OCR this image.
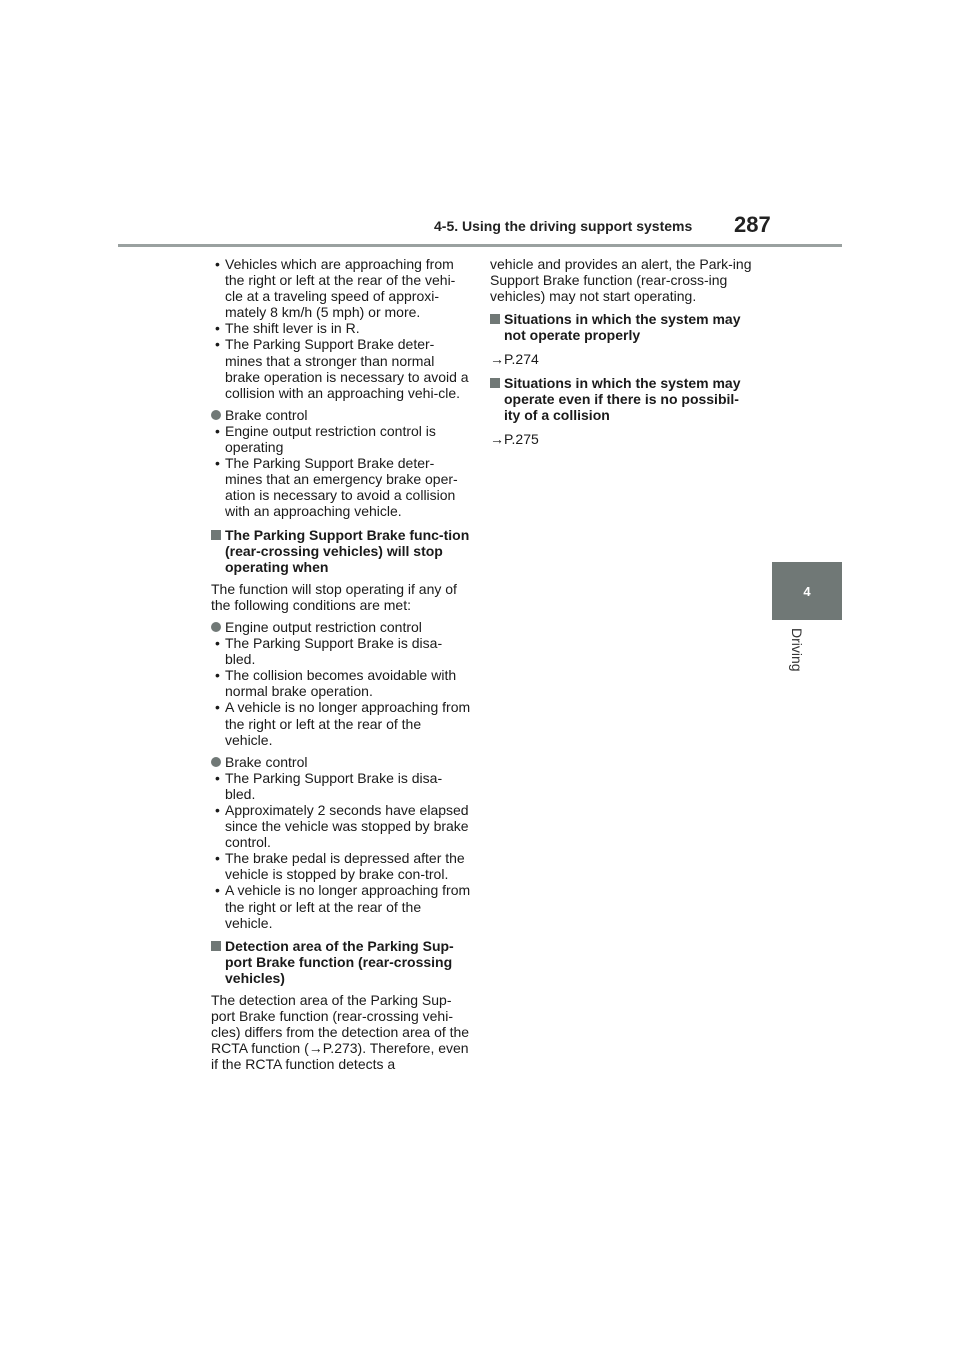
4-5. Using the driving support systems 287
4
Driving
• Vehicles which are approaching from the right or left at the rear of the vehi-cle at a traveling speed of approxi-mately 8 km/h (5 mph) or more.
• The shift lever is in R.
• The Parking Support Brake deter-mines that a stronger than normal brake operation is necessary to avoid a collision with an approaching vehi-cle.
Brake control
• Engine output restriction control is operating
• The Parking Support Brake deter-mines that an emergency brake oper-ation is necessary to avoid a collision with an approaching vehicle.
The Parking Support Brake func-tion (rear-crossing vehicles) will stop operating when
The function will stop operating if any of the following conditions are met:
Engine output restriction control
• The Parking Support Brake is disa-bled.
• The collision becomes avoidable with normal brake operation.
• A vehicle is no longer approaching from the right or left at the rear of the vehicle.
Brake control
• The Parking Support Brake is disa-bled.
• Approximately 2 seconds have elapsed since the vehicle was stopped by brake control.
• The brake pedal is depressed after the vehicle is stopped by brake con-trol.
• A vehicle is no longer approaching from the right or left at the rear of the vehicle.
Detection area of the Parking Sup-port Brake function (rear-crossing vehicles)
The detection area of the Parking Sup-port Brake function (rear-crossing vehi-cles) differs from the detection area of the RCTA function (→P.273). Therefore, even if the RCTA function detects a
vehicle and provides an alert, the Park-ing Support Brake function (rear-cross-ing vehicles) may not start operating.
Situations in which the system may not operate properly
→P.274
Situations in which the system may operate even if there is no possibil-ity of a collision
→P.275
